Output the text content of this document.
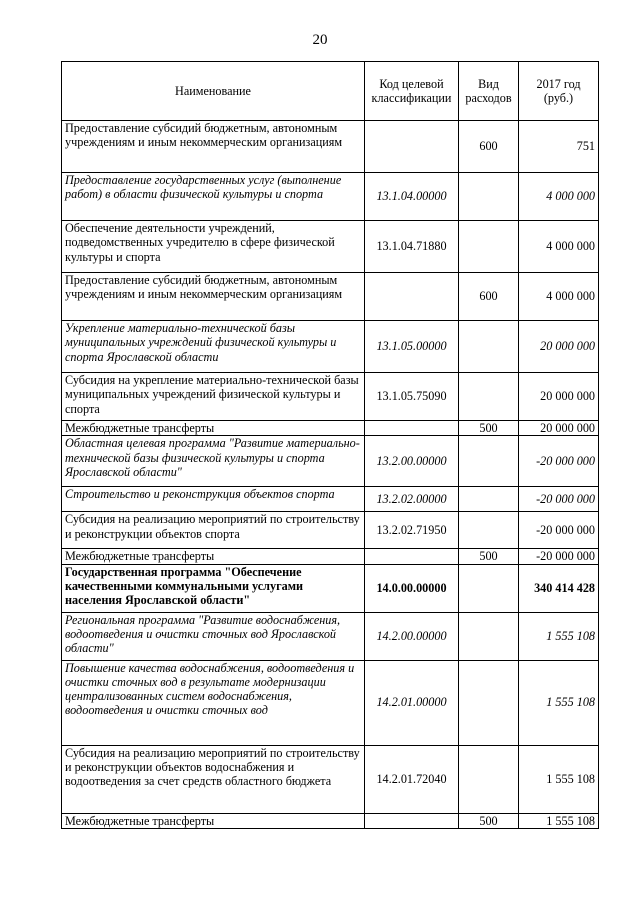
20
Наименование	Код целевой классификации	Вид расходов	2017 год (руб.)
Предоставление субсидий бюджетным, автономным учреждениям и иным некоммерческим организациям		600	751
Предоставление государственных услуг (выполнение работ) в области физической культуры и спорта	13.1.04.00000		4 000 000
Обеспечение деятельности учреждений, подведомственных учредителю в сфере физической культуры и спорта	13.1.04.71880		4 000 000
Предоставление субсидий бюджетным, автономным учреждениям и иным некоммерческим организациям		600	4 000 000
Укрепление материально-технической базы муниципальных учреждений физической культуры и спорта Ярославской области	13.1.05.00000		20 000 000
Субсидия на укрепление материально-технической базы муниципальных учреждений физической культуры и спорта	13.1.05.75090		20 000 000
Межбюджетные трансферты		500	20 000 000
Областная целевая программа "Развитие материально-технической базы физической культуры и спорта Ярославской области"	13.2.00.00000		-20 000 000
Строительство и реконструкция объектов спорта	13.2.02.00000		-20 000 000
Субсидия на реализацию мероприятий по строительству и реконструкции объектов спорта	13.2.02.71950		-20 000 000
Межбюджетные трансферты		500	-20 000 000
Государственная программа "Обеспечение качественными коммунальными услугами населения Ярославской области"	14.0.00.00000		340 414 428
Региональная программа "Развитие водоснабжения, водоотведения и очистки сточных вод Ярославской области"	14.2.00.00000		1 555 108
Повышение качества водоснабжения, водоотведения и очистки сточных вод в результате модернизации централизованных систем водоснабжения, водоотведения и очистки сточных вод	14.2.01.00000		1 555 108
Субсидия на реализацию мероприятий по строительству и реконструкции объектов водоснабжения и водоотведения за счет средств областного бюджета	14.2.01.72040		1 555 108
Межбюджетные трансферты		500	1 555 108
